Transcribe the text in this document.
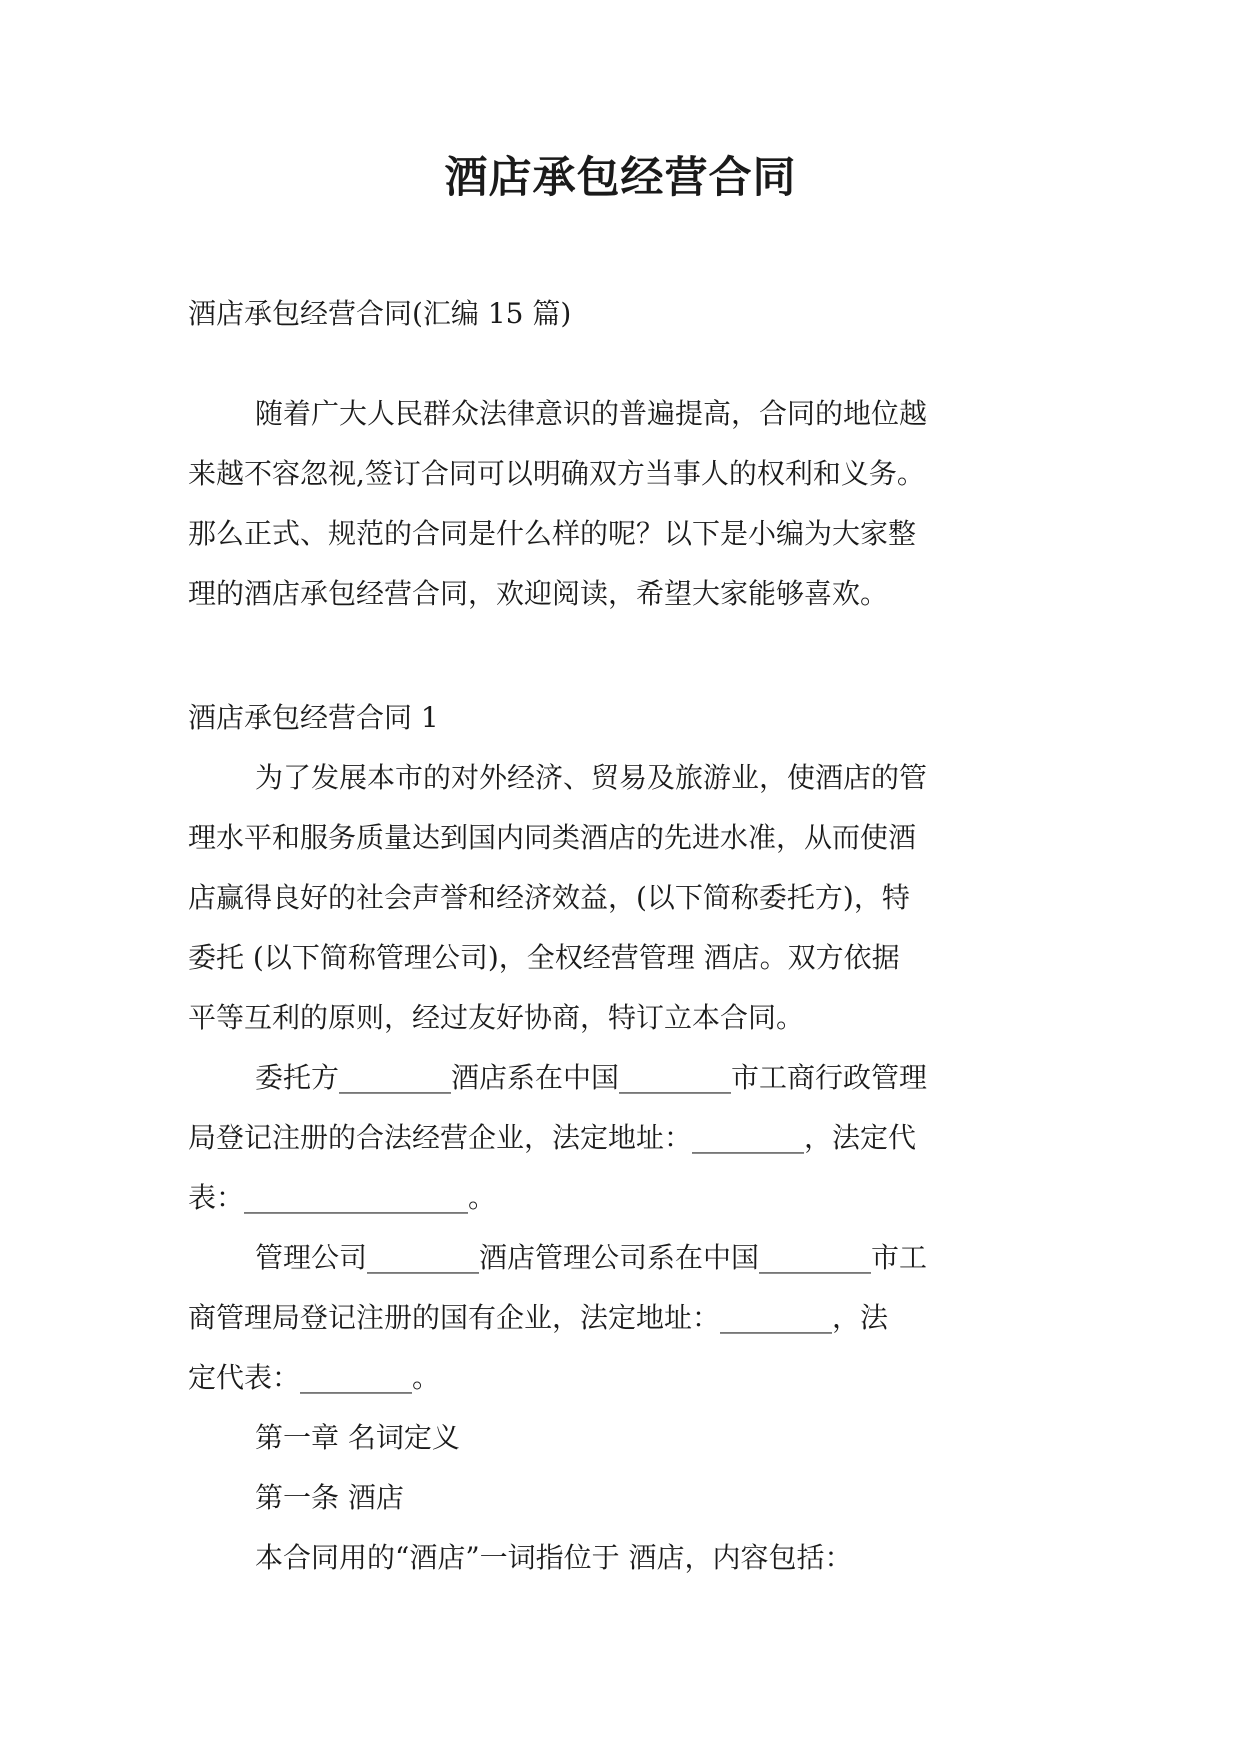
酒店承包经营合同

酒店承包经营合同(汇编 15 篇)

随着广大人民群众法律意识的普遍提高，合同的地位越

来越不容忽视,签订合同可以明确双方当事人的权利和义务。

那么正式、规范的合同是什么样的呢？以下是小编为大家整

理的酒店承包经营合同，欢迎阅读，希望大家能够喜欢。

酒店承包经营合同 1

为了发展本市的对外经济、贸易及旅游业，使酒店的管

理水平和服务质量达到国内同类酒店的先进水准，从而使酒

店赢得良好的社会声誉和经济效益，(以下简称委托方)，特

委托 (以下简称管理公司)，全权经营管理 酒店。双方依据

平等互利的原则，经过友好协商，特订立本合同。

委托方________酒店系在中国________市工商行政管理

局登记注册的合法经营企业，法定地址：________，法定代

表：________________。

管理公司________酒店管理公司系在中国________市工

商管理局登记注册的国有企业，法定地址：________，法

定代表：________。

第一章 名词定义

第一条 酒店

本合同用的“酒店”一词指位于 酒店，内容包括：
